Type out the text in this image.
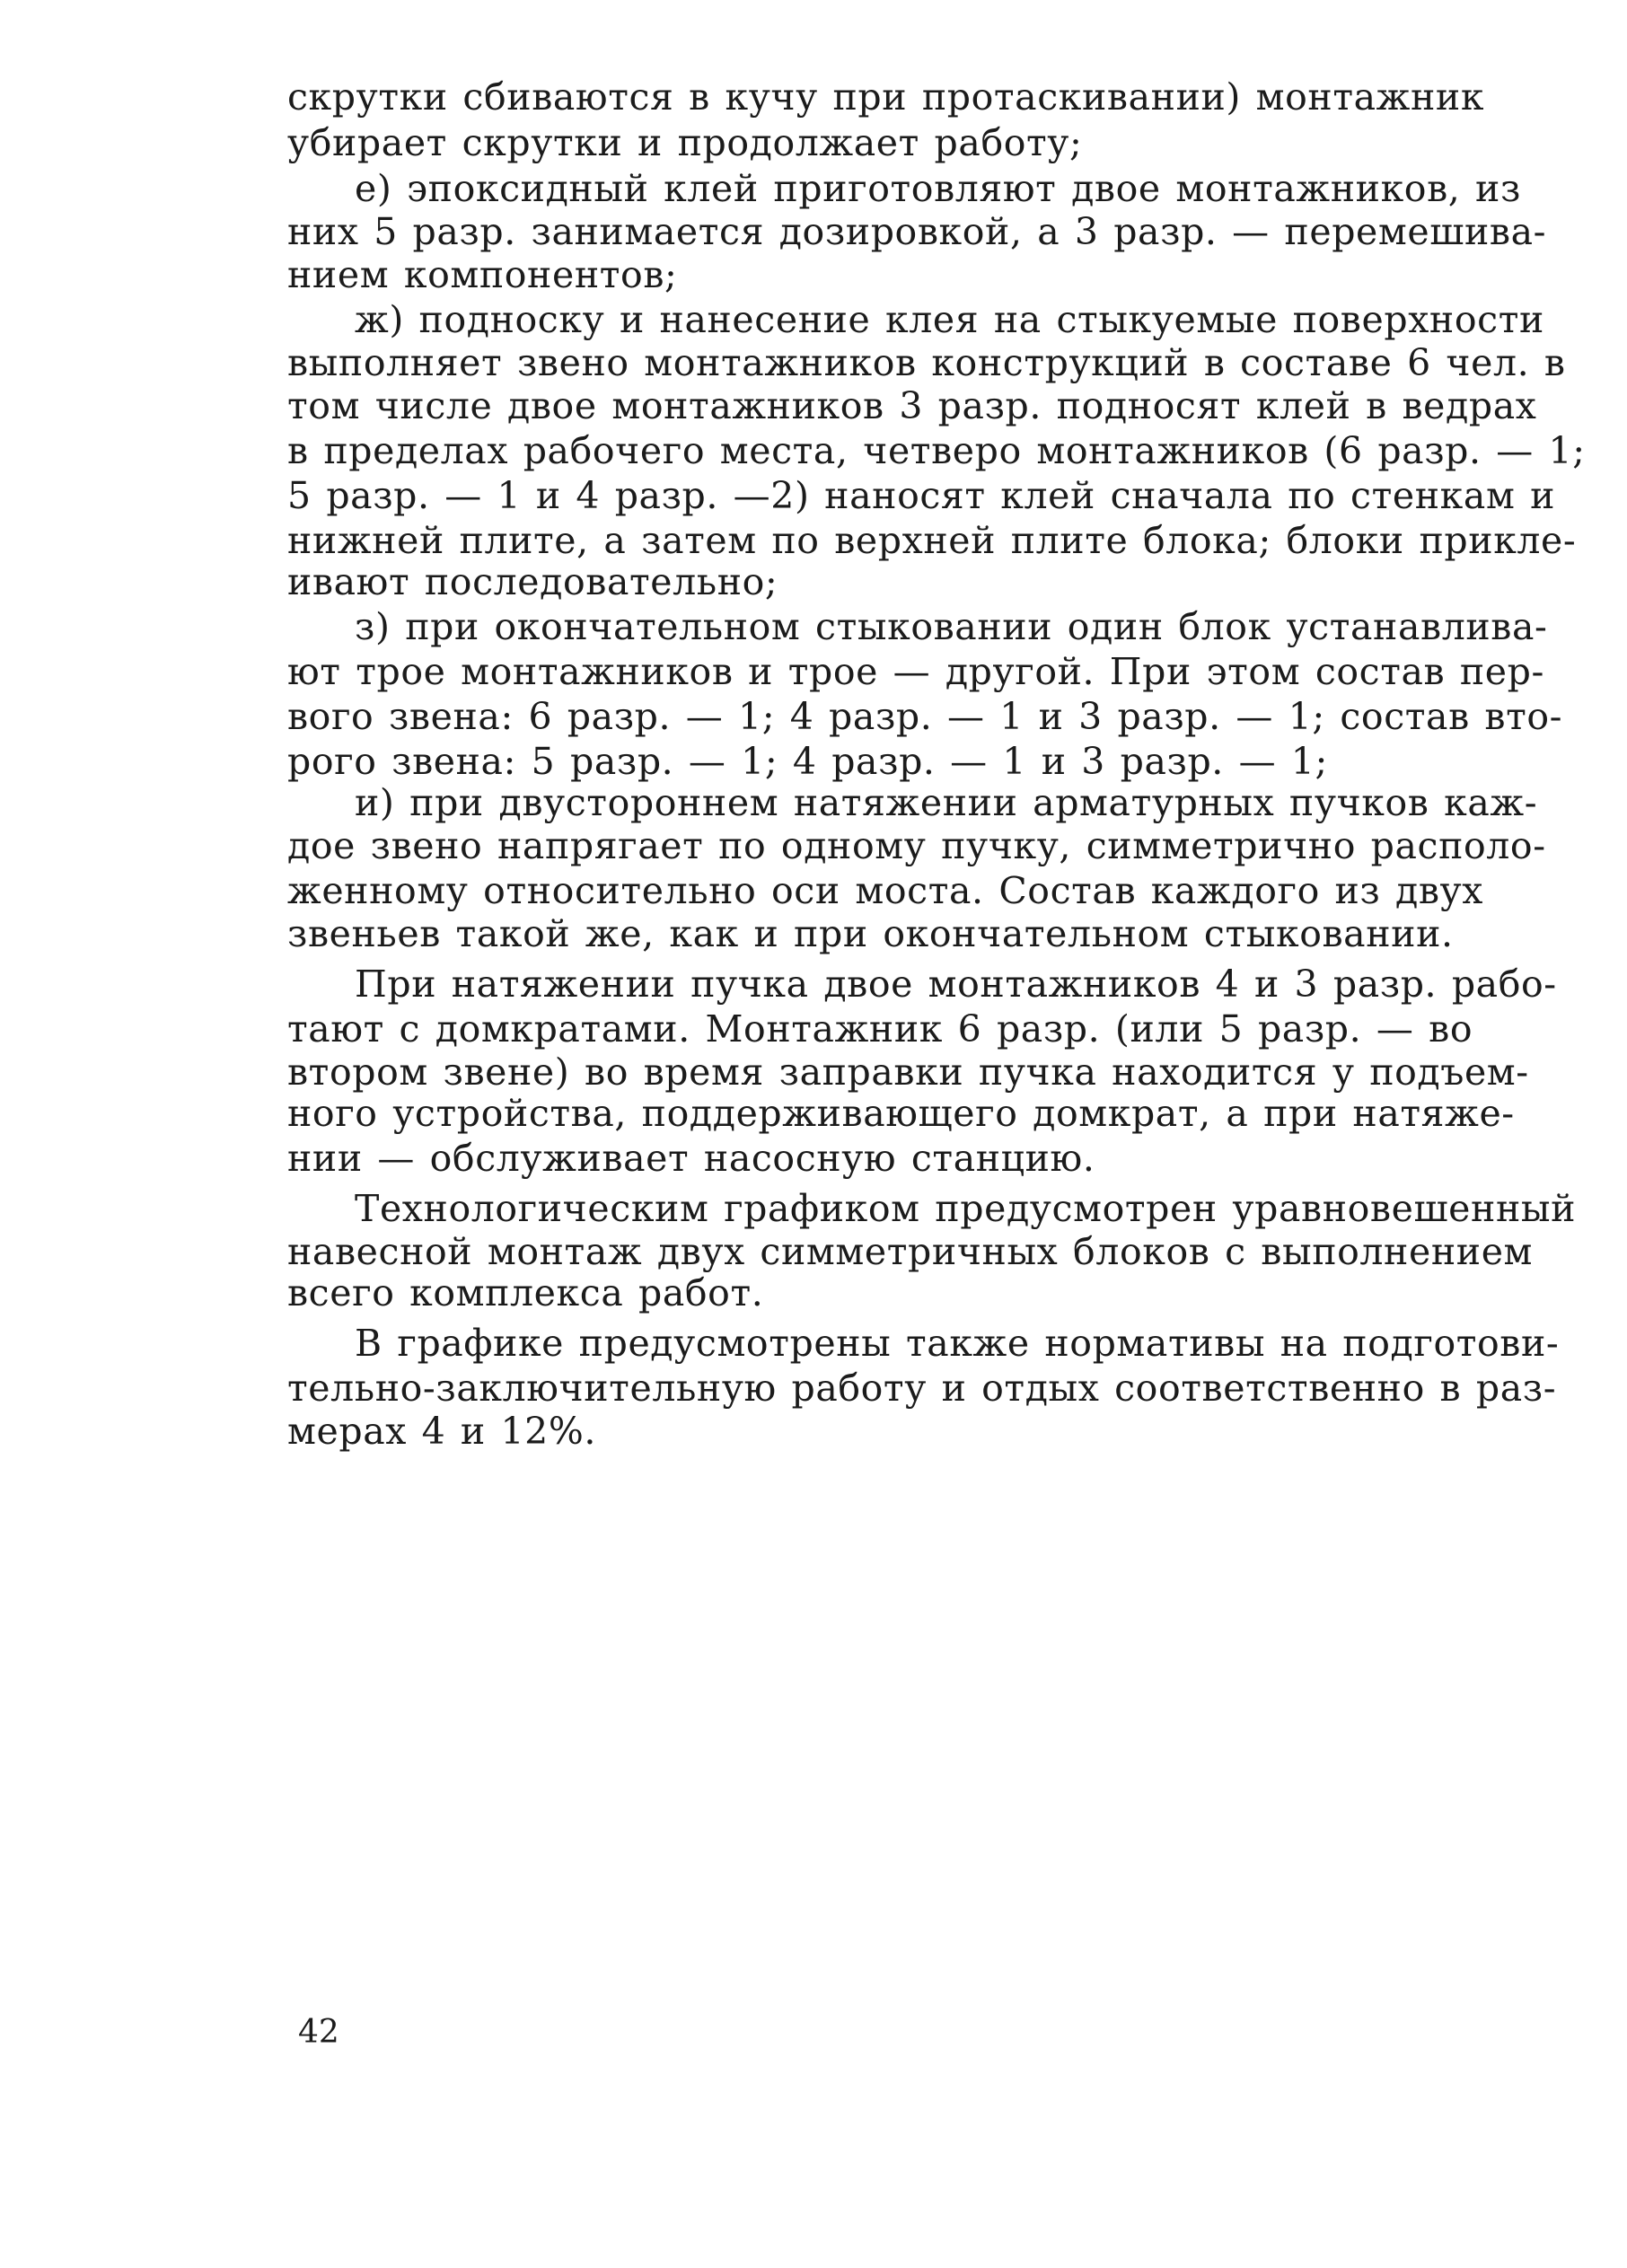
скрутки сбиваются в кучу при протаскивании) монтажник

убирает скрутки и продолжает работу;

е) эпоксидный клей приготовляют двое монтажников, из

них 5 разр. занимается дозировкой, а 3 разр. — перемешива-

нием компонентов;

ж) подноску и нанесение клея на стыкуемые поверхности

выполняет звено монтажников конструкций в составе 6 чел. в

том числе двое монтажников 3 разр. подносят клей в ведрах

в пределах рабочего места, четверо монтажников (6 разр. — 1;

5 разр. — 1 и 4 разр. —2) наносят клей сначала по стенкам и

нижней плите, а затем по верхней плите блока; блоки прикле-

ивают последовательно;

з) при окончательном стыковании один блок устанавлива-

ют трое монтажников и трое — другой. При этом состав пер-

вого звена: 6 разр. — 1; 4 разр. — 1 и 3 разр. — 1; состав вто-

рого звена: 5 разр. — 1; 4 разр. — 1 и 3 разр. — 1;

и) при двустороннем натяжении арматурных пучков каж-

дое звено напрягает по одному пучку, симметрично располо-

женному относительно оси моста. Состав каждого из двух

звеньев такой же, как и при окончательном стыковании.

При натяжении пучка двое монтажников 4 и 3 разр. рабо-

тают с домкратами. Монтажник 6 разр. (или 5 разр. — во

втором звене) во время заправки пучка находится у подъем-

ного устройства, поддерживающего домкрат, а при натяже-

нии — обслуживает насосную станцию.

Технологическим графиком предусмотрен уравновешенный

навесной монтаж двух симметричных блоков с выполнением

всего комплекса работ.

В графике предусмотрены также нормативы на подготови-

тельно-заключительную работу и отдых соответственно в раз-

мерах 4 и 12%.

42
